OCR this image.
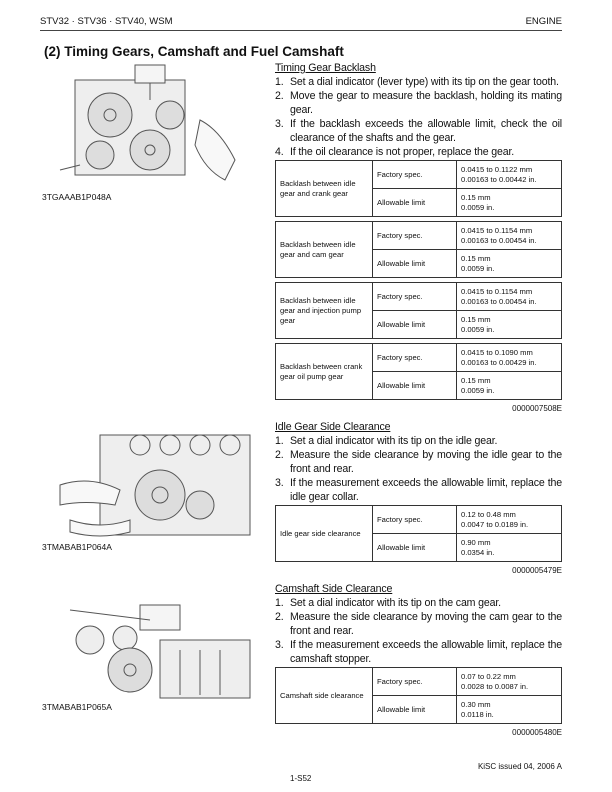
STV32 · STV36 · STV40, WSM	ENGINE
(2) Timing Gears, Camshaft and Fuel Camshaft
3TGAAAB1P048A
3TMABAB1P064A
3TMABAB1P065A
Timing Gear Backlash
1. Set a dial indicator (lever type) with its tip on the gear tooth.
2. Move the gear to measure the backlash, holding its mating gear.
3. If the backlash exceeds the allowable limit, check the oil clearance of the shafts and the gear.
4. If the oil clearance is not proper, replace the gear.
Backlash between idle gear and crank gear	Factory spec.	0.0415 to 0.1122 mm
0.00163 to 0.00442 in.
	Allowable limit	0.15 mm
0.0059 in.
Backlash between idle gear and cam gear	Factory spec.	0.0415 to 0.1154 mm
0.00163 to 0.00454 in.
	Allowable limit	0.15 mm
0.0059 in.
Backlash between idle gear and injection pump gear	Factory spec.	0.0415 to 0.1154 mm
0.00163 to 0.00454 in.
	Allowable limit	0.15 mm
0.0059 in.
Backlash between crank gear oil pump gear	Factory spec.	0.0415 to 0.1090 mm
0.00163 to 0.00429 in.
	Allowable limit	0.15 mm
0.0059 in.
0000007508E
Idle Gear Side Clearance
1. Set a dial indicator with its tip on the idle gear.
2. Measure the side clearance by moving the idle gear to the front and rear.
3. If the measurement exceeds the allowable limit, replace the idle gear collar.
Idle gear side clearance	Factory spec.	0.12 to 0.48 mm
0.0047 to 0.0189 in.
	Allowable limit	0.90 mm
0.0354 in.
0000005479E
Camshaft Side Clearance
1. Set a dial indicator with its tip on the cam gear.
2. Measure the side clearance by moving the cam gear to the front and rear.
3. If the measurement exceeds the allowable limit, replace the camshaft stopper.
Camshaft side clearance	Factory spec.	0.07 to 0.22 mm
0.0028 to 0.0087 in.
	Allowable limit	0.30 mm
0.0118 in.
0000005480E
KiSC issued 04, 2006 A
1-S52
